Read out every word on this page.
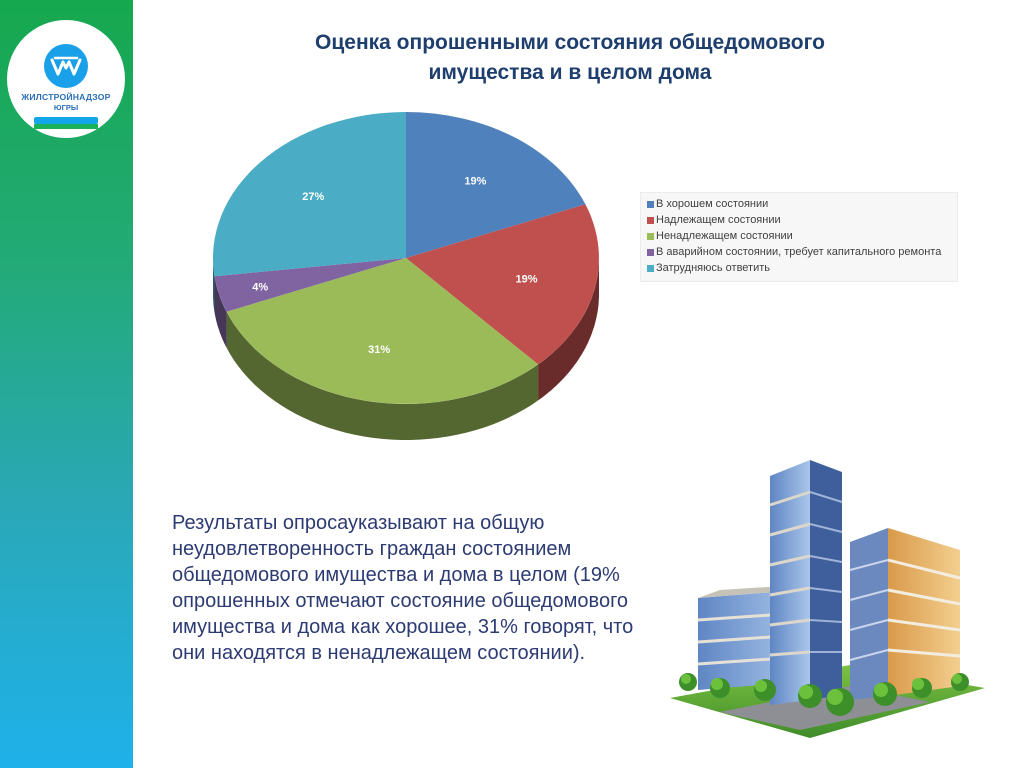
ЖИЛСТРОЙНАДЗОР
ЮГРЫ
Оценка опрошенными состояния общедомового
имущества и в целом дома
19%
19%
31%
4%
27%
В хорошем состоянии
Надлежащем состоянии
Ненадлежащем состоянии
В аварийном состоянии, требует капитального ремонта
Затрудняюсь ответить
Результаты опросауказывают на общую неудовлетворенность граждан состоянием общедомового имущества и дома в целом (19% опрошенных отмечают состояние общедомового имущества и дома как хорошее, 31% говорят, что они находятся в ненадлежащем состоянии).
